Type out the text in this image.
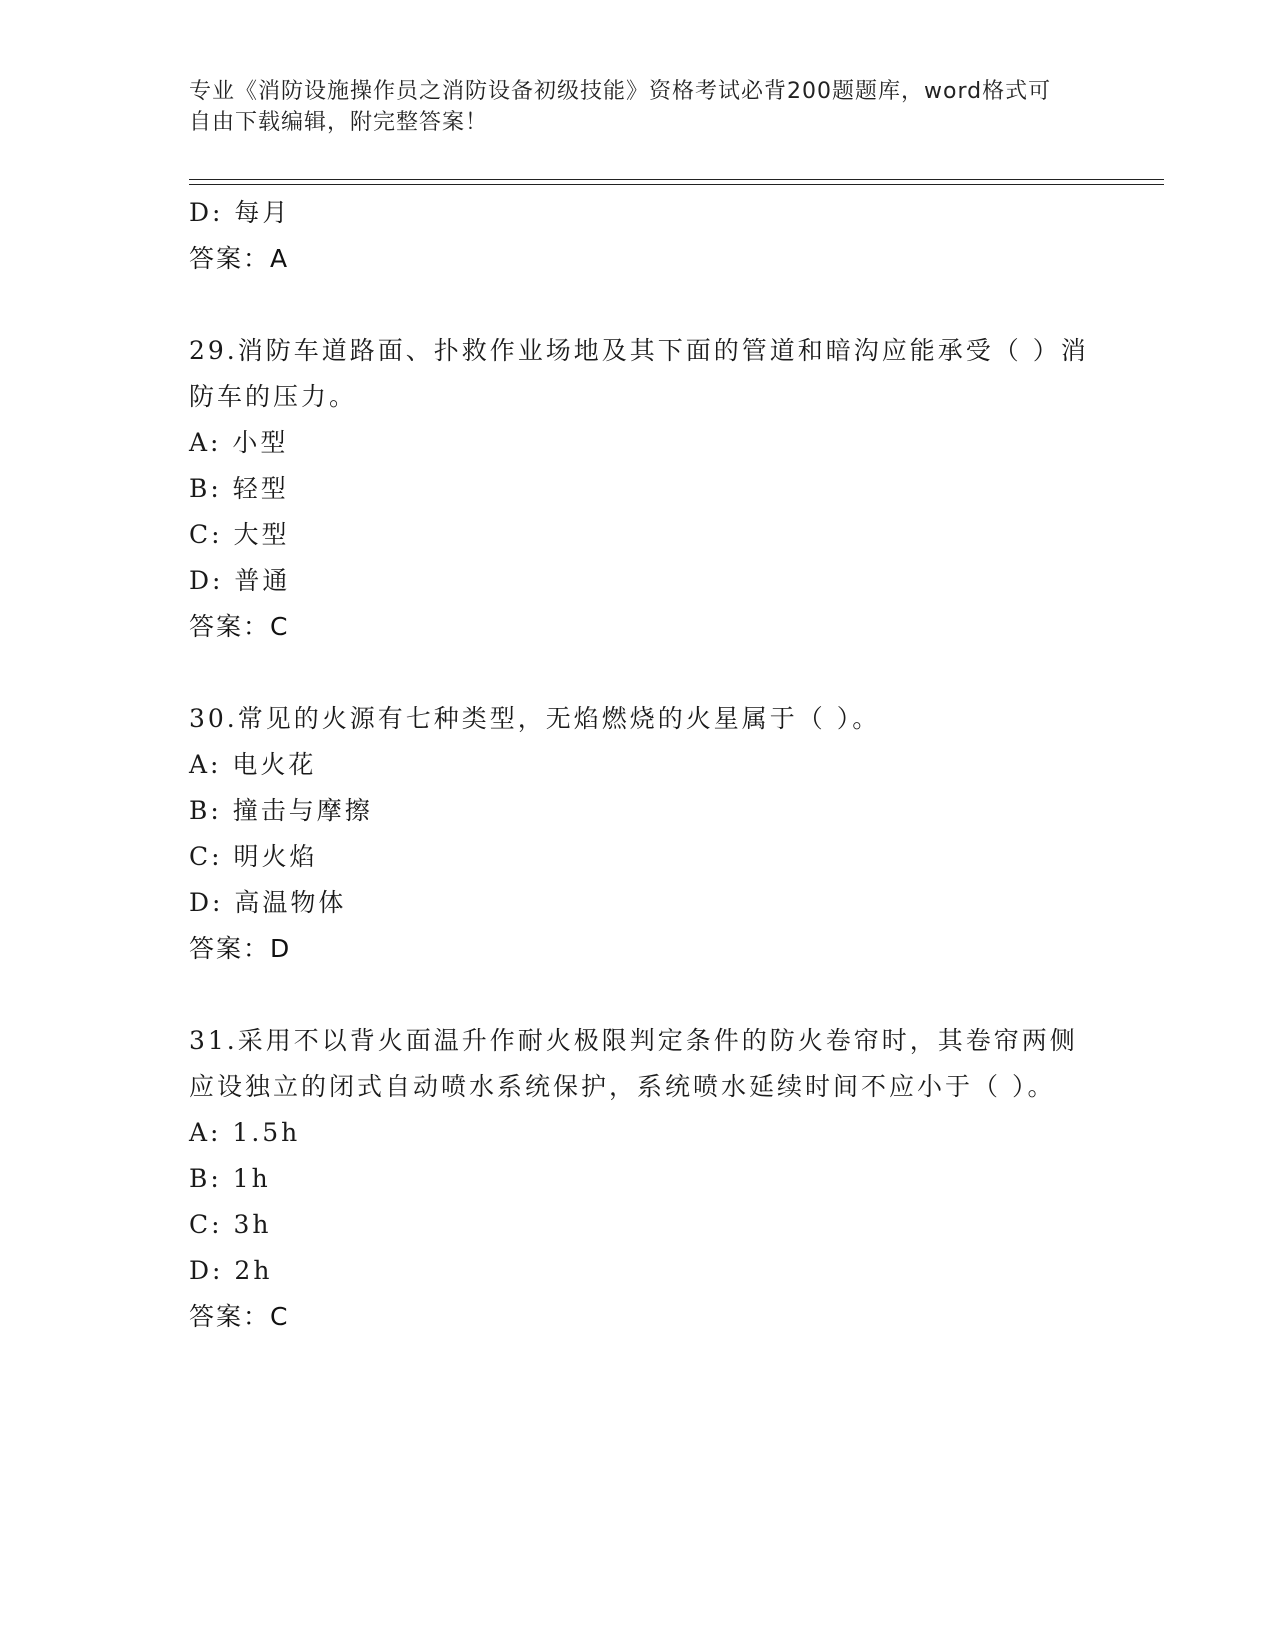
专业《消防设施操作员之消防设备初级技能》资格考试必背200题题库，word格式可自由下载编辑，附完整答案！
D: 每月
答案：A
29.消防车道路面、扑救作业场地及其下面的管道和暗沟应能承受（ ）消防车的压力。
A: 小型
B: 轻型
C: 大型
D: 普通
答案：C
30.常见的火源有七种类型，无焰燃烧的火星属于（ ）。
A: 电火花
B: 撞击与摩擦
C: 明火焰
D: 高温物体
答案：D
31.采用不以背火面温升作耐火极限判定条件的防火卷帘时，其卷帘两侧应设独立的闭式自动喷水系统保护，系统喷水延续时间不应小于（ ）。
A: 1.5h
B: 1h
C: 3h
D: 2h
答案：C
